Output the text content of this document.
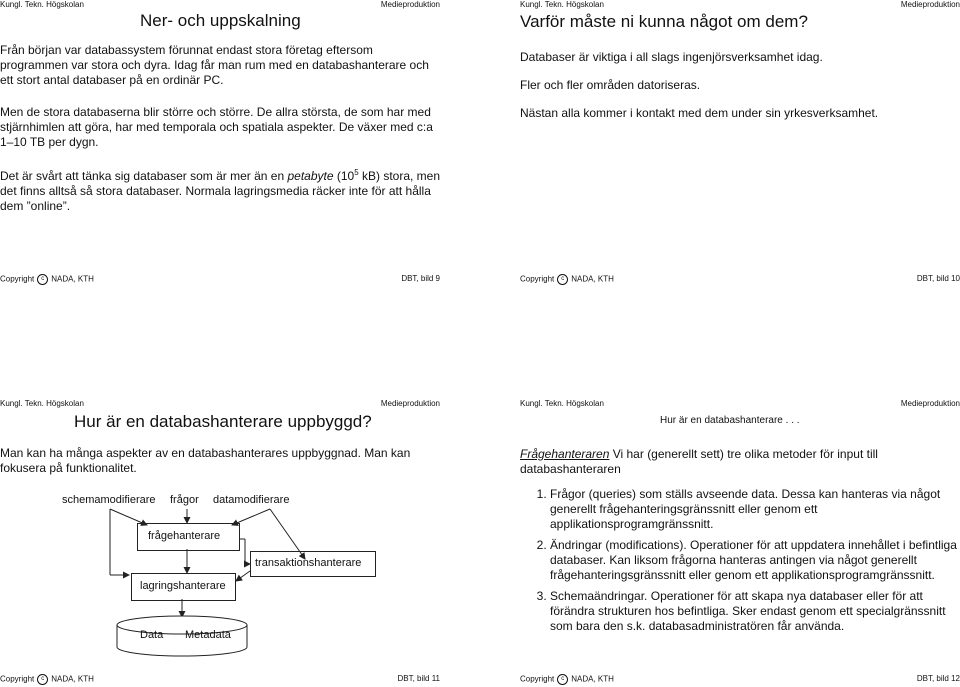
Kungl. Tekn. Högskolan	Medieproduktion
Ner- och uppskalning

Från början var databassystem förunnat endast stora företag eftersom programmen var stora och dyra. Idag får man rum med en databashanterare och ett stort antal databaser på en ordinär PC.

Men de stora databaserna blir större och större. De allra största, de som har med stjärnhimlen att göra, har med temporala och spatiala aspekter. De växer med c:a 1–10 TB per dygn.

Det är svårt att tänka sig databaser som är mer än en petabyte ($10^5$ kB) stora, men det finns alltså så stora databaser. Normala lagringsmedia räcker inte för att hålla dem ”online”.

Copyright c NADA, KTH	DBT, bild 9
Kungl. Tekn. Högskolan	Medieproduktion
Varför måste ni kunna något om dem?

Databaser är viktiga i all slags ingenjörsverksamhet idag.

Fler och fler områden datoriseras.

Nästan alla kommer i kontakt med dem under sin yrkesverksamhet.

Copyright c NADA, KTH	DBT, bild 10
Kungl. Tekn. Högskolan	Medieproduktion
Hur är en databashanterare uppbyggd?

Man kan ha många aspekter av en databashanterares uppbyggnad. Man kan fokusera på funktionalitet.

schemamodifierare frågor datamodifierare
frågehanterare
lagringshanterare
transaktionshanterare
Data Metadata
Copyright c NADA, KTH	DBT, bild 11
Kungl. Tekn. Högskolan	Medieproduktion
Hur är en databashanterare . . .

Frågehanteraren Vi har (generellt sett) tre olika metoder för input till databashanteraren

1. Frågor (queries) som ställs avseende data. Dessa kan hanteras via något generellt frågehanteringsgränssnitt eller genom ett applikationsprogramgränssnitt.
2. Ändringar (modifications). Operationer för att uppdatera innehållet i befintliga databaser. Kan liksom frågorna hanteras antingen via något generellt frågehanteringsgränssnitt eller genom ett applikationsprogramgränssnitt.
3. Schemaändringar. Operationer för att skapa nya databaser eller för att förändra strukturen hos befintliga. Sker endast genom ett specialgränssnitt som bara den s.k. databasadministratören får använda.
Copyright c NADA, KTH	DBT, bild 12
